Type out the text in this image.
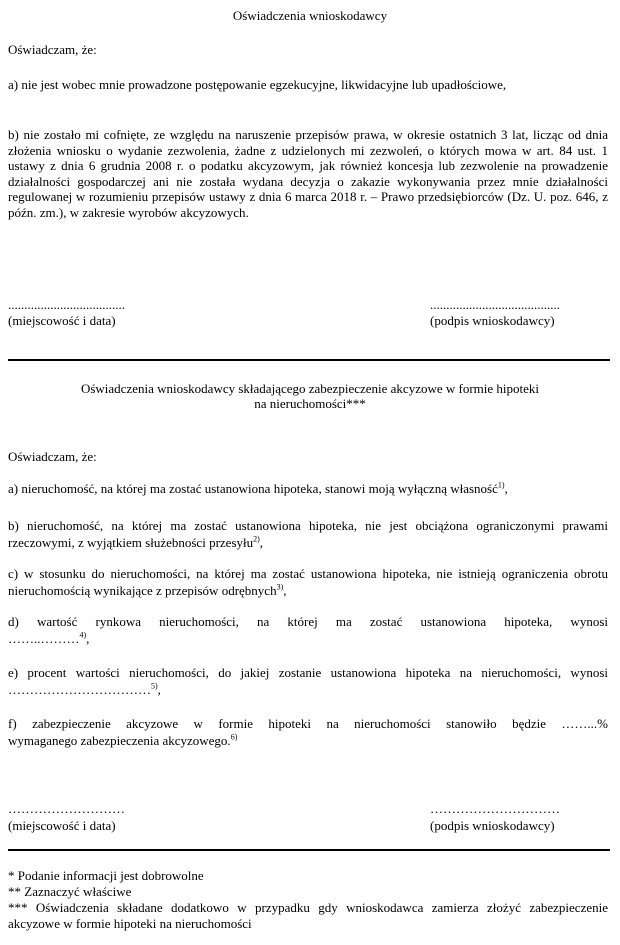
Oświadczenia wnioskodawcy
Oświadczam, że:
a) nie jest wobec mnie prowadzone postępowanie egzekucyjne, likwidacyjne lub upadłościowe,
b) nie zostało mi cofnięte, ze względu na naruszenie przepisów prawa, w okresie ostatnich 3 lat, licząc od dnia złożenia wniosku o wydanie zezwolenia, żadne z udzielonych mi zezwoleń, o których mowa w art. 84 ust. 1 ustawy z dnia 6 grudnia 2008 r. o podatku akcyzowym, jak również koncesja lub zezwolenie na prowadzenie działalności gospodarczej ani nie została wydana decyzja o zakazie wykonywania przez mnie działalności regulowanej w rozumieniu przepisów ustawy z dnia 6 marca 2018 r. – Prawo przedsiębiorców (Dz. U. poz. 646, z późn. zm.), w zakresie wyrobów akcyzowych.
....................................
(miejscowość i data)
........................................
(podpis wnioskodawcy)
Oświadczenia wnioskodawcy składającego zabezpieczenie akcyzowe w formie hipoteki
na nieruchomości***
Oświadczam, że:
a) nieruchomość, na której ma zostać ustanowiona hipoteka, stanowi moją wyłączną własność$^{1)}$,
b) nieruchomość, na której ma zostać ustanowiona hipoteka, nie jest obciążona ograniczonymi prawami rzeczowymi, z wyjątkiem służebności przesyłu$^{2)}$,
c) w stosunku do nieruchomości, na której ma zostać ustanowiona hipoteka, nie istnieją ograniczenia obrotu nieruchomością wynikające z przepisów odrębnych$^{3)}$,
d) wartość rynkowa nieruchomości, na której ma zostać ustanowiona hipoteka, wynosi
……..………$^{4)}$,
e) procent wartości nieruchomości, do jakiej zostanie ustanowiona hipoteka na nieruchomości, wynosi
……………………………$^{5)}$,
f) zabezpieczenie akcyzowe w formie hipoteki na nieruchomości stanowiło będzie ……...%
wymaganego zabezpieczenia akcyzowego.$^{6)}$
………………………
(miejscowość i data)
…………………………
(podpis wnioskodawcy)
* Podanie informacji jest dobrowolne
** Zaznaczyć właściwe
*** Oświadczenia składane dodatkowo w przypadku gdy wnioskodawca zamierza złożyć zabezpieczenie akcyzowe w formie hipoteki na nieruchomości
